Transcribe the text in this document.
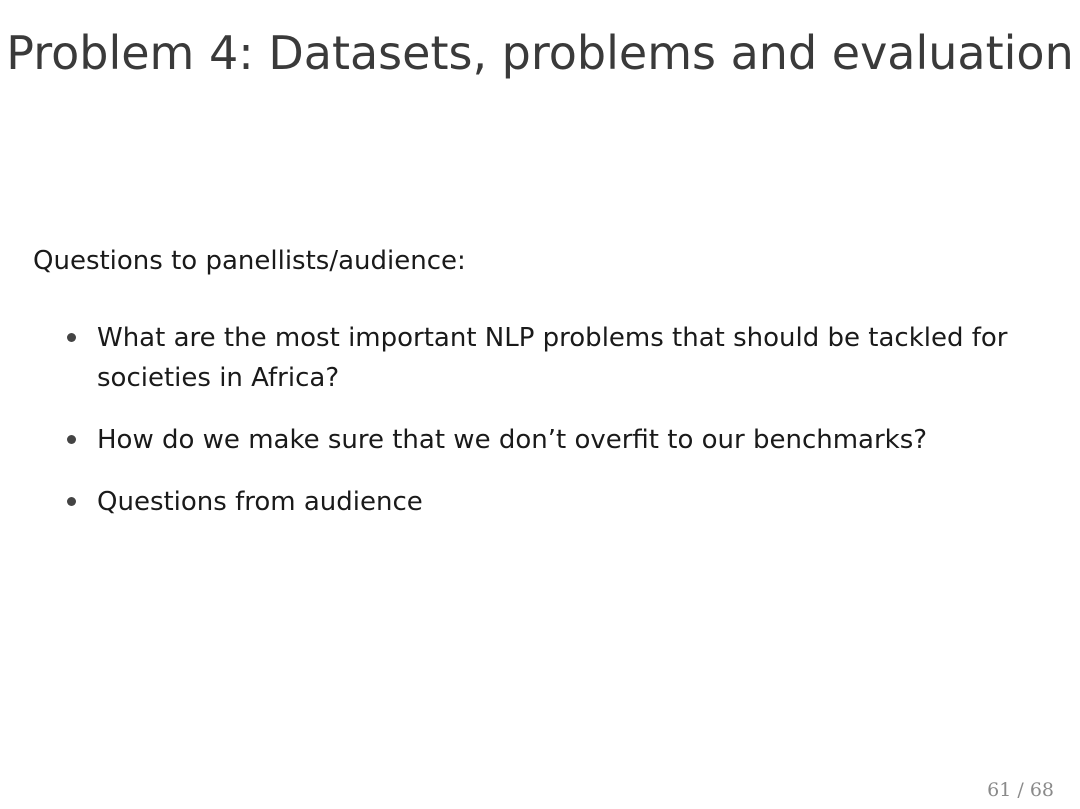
Problem 4: Datasets, problems and evaluation
Questions to panellists/audience:
What are the most important NLP problems that should be tackled for societies in Africa?
How do we make sure that we don’t overfit to our benchmarks?
Questions from audience
61 / 68
